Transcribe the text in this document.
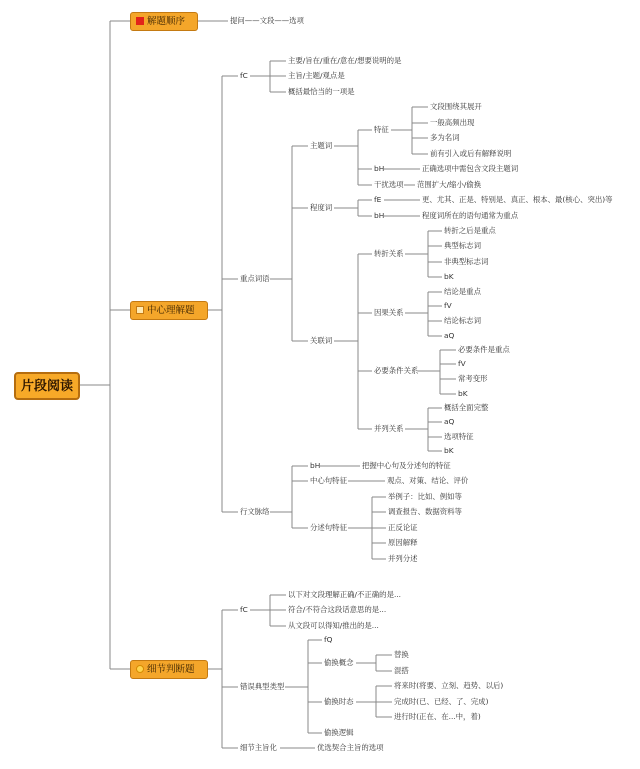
片段阅读
解题顺序	提问——文段——选项
中心理解题
fC
主要/旨在/重在/意在/想要说明的是
主旨/主题/观点是
概括最恰当的一项是
重点词语
主题词
特征
文段围绕其展开
一般高频出现
多为名词
前有引入或后有解释说明
bH	正确选项中需包含文段主题词
干扰选项 范围扩大/缩小/偷换
程度词
fE	更、尤其、正是、特别是、真正、根本、最(核心、突出)等
bH	程度词所在的语句通常为重点
关联词
转折关系
转折之后是重点
典型标志词
非典型标志词
bK
因果关系
结论是重点
fV
结论标志词
aQ
必要条件关系
必要条件是重点
fV
常考变形
bK
并列关系
概括全面完整
aQ
选项特征
bK
行文脉络
bH	把握中心句及分述句的特征
中心句特征	观点、对策、结论、评价
分述句特征
举例子：比如、例如等
调查报告、数据资料等
正反论证
原因解释
并列分述
细节判断题
fC
以下对文段理解正确/不正确的是...
符合/不符合这段话意思的是...
从文段可以得知/推出的是...
错误典型类型
fQ
偷换概念
替换
混搭
偷换时态
将来时(将要、立刻、趋势、以后)
完成时(已、已经、了、完成)
进行时(正在、在...中，着)
偷换逻辑
细节主旨化	优选契合主旨的选项
